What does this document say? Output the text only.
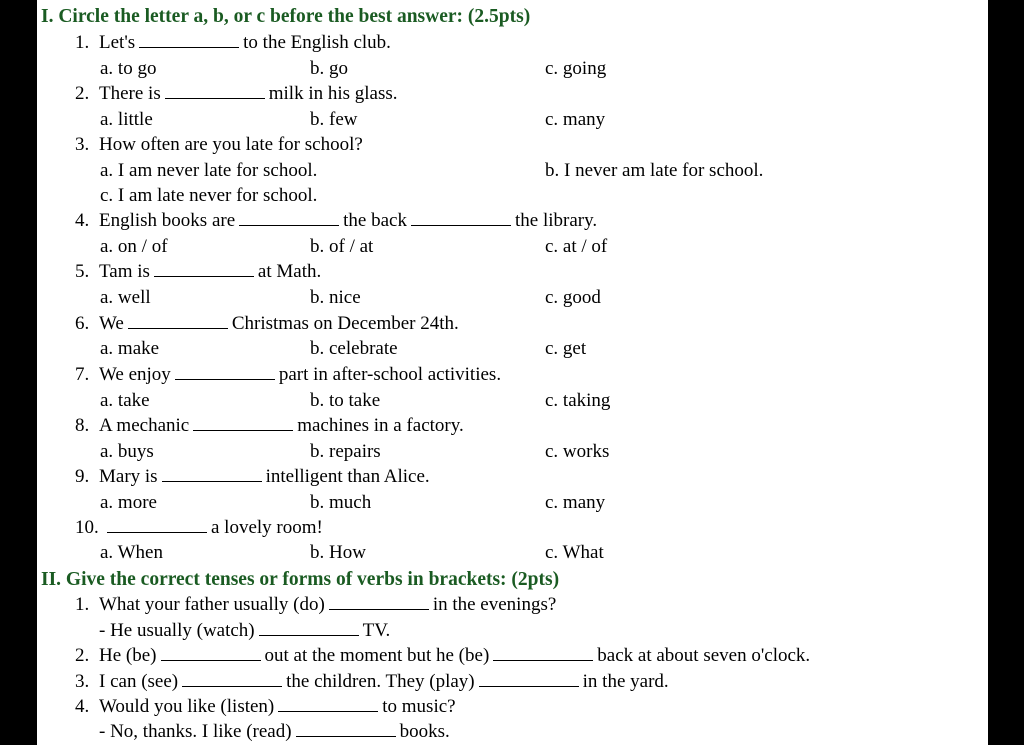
I. Circle the letter a, b, or c before the best answer: (2.5pts)
1. Let's	to the English club.
a. to go	b. go	c. going
2. There is	milk in his glass.
a. little	b. few	c. many
3. How often are you late for school?
a. I am never late for school.	b. I never am late for school.
c. I am late never for school.
4. English books are	the back	the library.
a. on / of	b. of / at	c. at / of
5. Tam is	at Math.
a. well	b. nice	c. good
6. We	Christmas on December 24th.
a. make	b. celebrate	c. get
7. We enjoy	part in after-school activities.
a. take	b. to take	c. taking
8. A mechanic	machines in a factory.
a. buys	b. repairs	c. works
9. Mary is	intelligent than Alice.
a. more	b. much	c. many
10.	a lovely room!
a. When	b. How	c. What
II. Give the correct tenses or forms of verbs in brackets: (2pts)
1. What your father usually (do)	in the evenings?
- He usually (watch)	TV.
2. He (be)	out at the moment but he (be)	back at about seven o'clock.
3. I can (see)	the children. They (play)	in the yard.
4. Would you like (listen)	to music?
- No, thanks. I like (read)	books.
